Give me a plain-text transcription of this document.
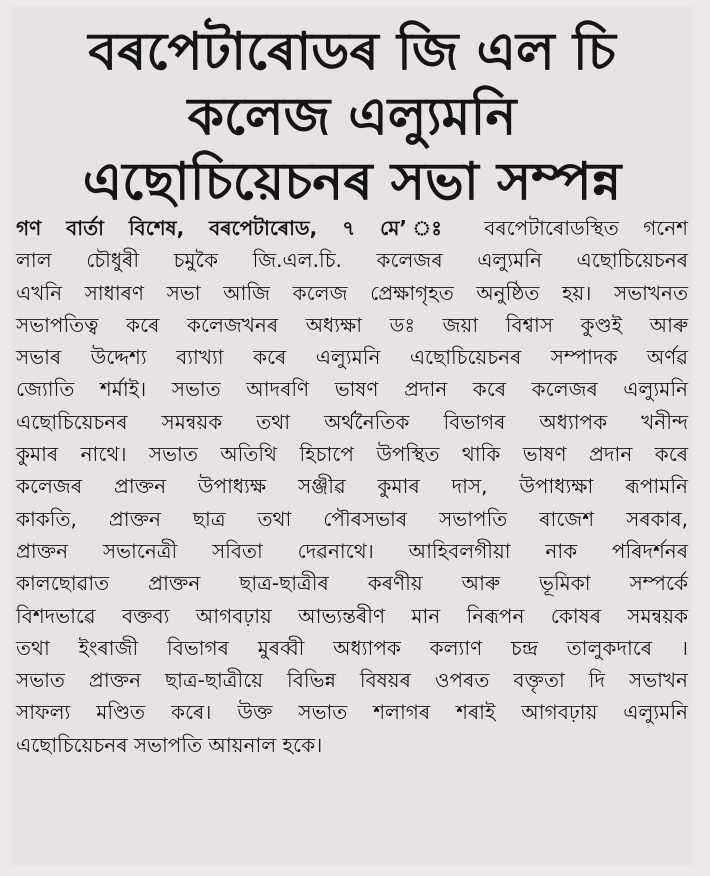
বৰপেটাৰোডৰ জি এল চি
কলেজ এল্যুমনি
এছোচিয়েচনৰ সভা সম্পন্ন
গণ বাৰ্তা বিশেষ, বৰপেটাৰোড, ৭ মে’ ঃ বৰপেটাৰোডস্থিত গনেশ
লাল চৌধুৰী চমুকৈ জি.এল.চি. কলেজৰ এল্যুমনি এছোচিয়েচনৰ
এখনি সাধাৰণ সভা আজি কলেজ প্ৰেক্ষাগৃহত অনুষ্ঠিত হয়। সভাখনত
সভাপতিত্ব কৰে কলেজখনৰ অধ্যক্ষা ডঃ জয়া বিশ্বাস কুণ্ডই আৰু
সভাৰ উদ্দেশ্য ব্যাখ্যা কৰে এল্যুমনি এছোচিয়েচনৰ সম্পাদক অৰ্ণৱ
জ্যোতি শৰ্মাই। সভাত আদৰণি ভাষণ প্ৰদান কৰে কলেজৰ এল্যুমনি
এছোচিয়েচনৰ সমন্বয়ক তথা অৰ্থনৈতিক বিভাগৰ অধ্যাপক খনীন্দ
কুমাৰ নাথে। সভাত অতিথি হিচাপে উপস্থিত থাকি ভাষণ প্ৰদান কৰে
কলেজৰ প্ৰাক্তন উপাধ্যক্ষ সঞ্জীৱ কুমাৰ দাস, উপাধ্যক্ষা ৰূপামনি
কাকতি, প্ৰাক্তন ছাত্ৰ তথা পৌৰসভাৰ সভাপতি ৰাজেশ সৰকাৰ,
প্ৰাক্তন সভানেত্ৰী সবিতা দেৱনাথে। আহিবলগীয়া নাক পৰিদৰ্শনৰ
কালছোৱাত প্ৰাক্তন ছাত্ৰ-ছাত্ৰীৰ কৰণীয় আৰু ভূমিকা সম্পৰ্কে
বিশদভাৱে বক্তব্য আগবঢ়ায় আভ্যন্তৰীণ মান নিৰূপন কোষৰ সমন্বয়ক
তথা ইংৰাজী বিভাগৰ মুৰব্বী অধ্যাপক কল্যাণ চন্দ্ৰ তালুকদাৰে ।
সভাত প্ৰাক্তন ছাত্ৰ-ছাত্ৰীয়ে বিভিন্ন বিষয়ৰ ওপৰত বক্তৃতা দি সভাখন
সাফল্য মণ্ডিত কৰে। উক্ত সভাত শলাগৰ শৰাই আগবঢ়ায় এল্যুমনি
এছোচিয়েচনৰ সভাপতি আয়নাল হকে।
